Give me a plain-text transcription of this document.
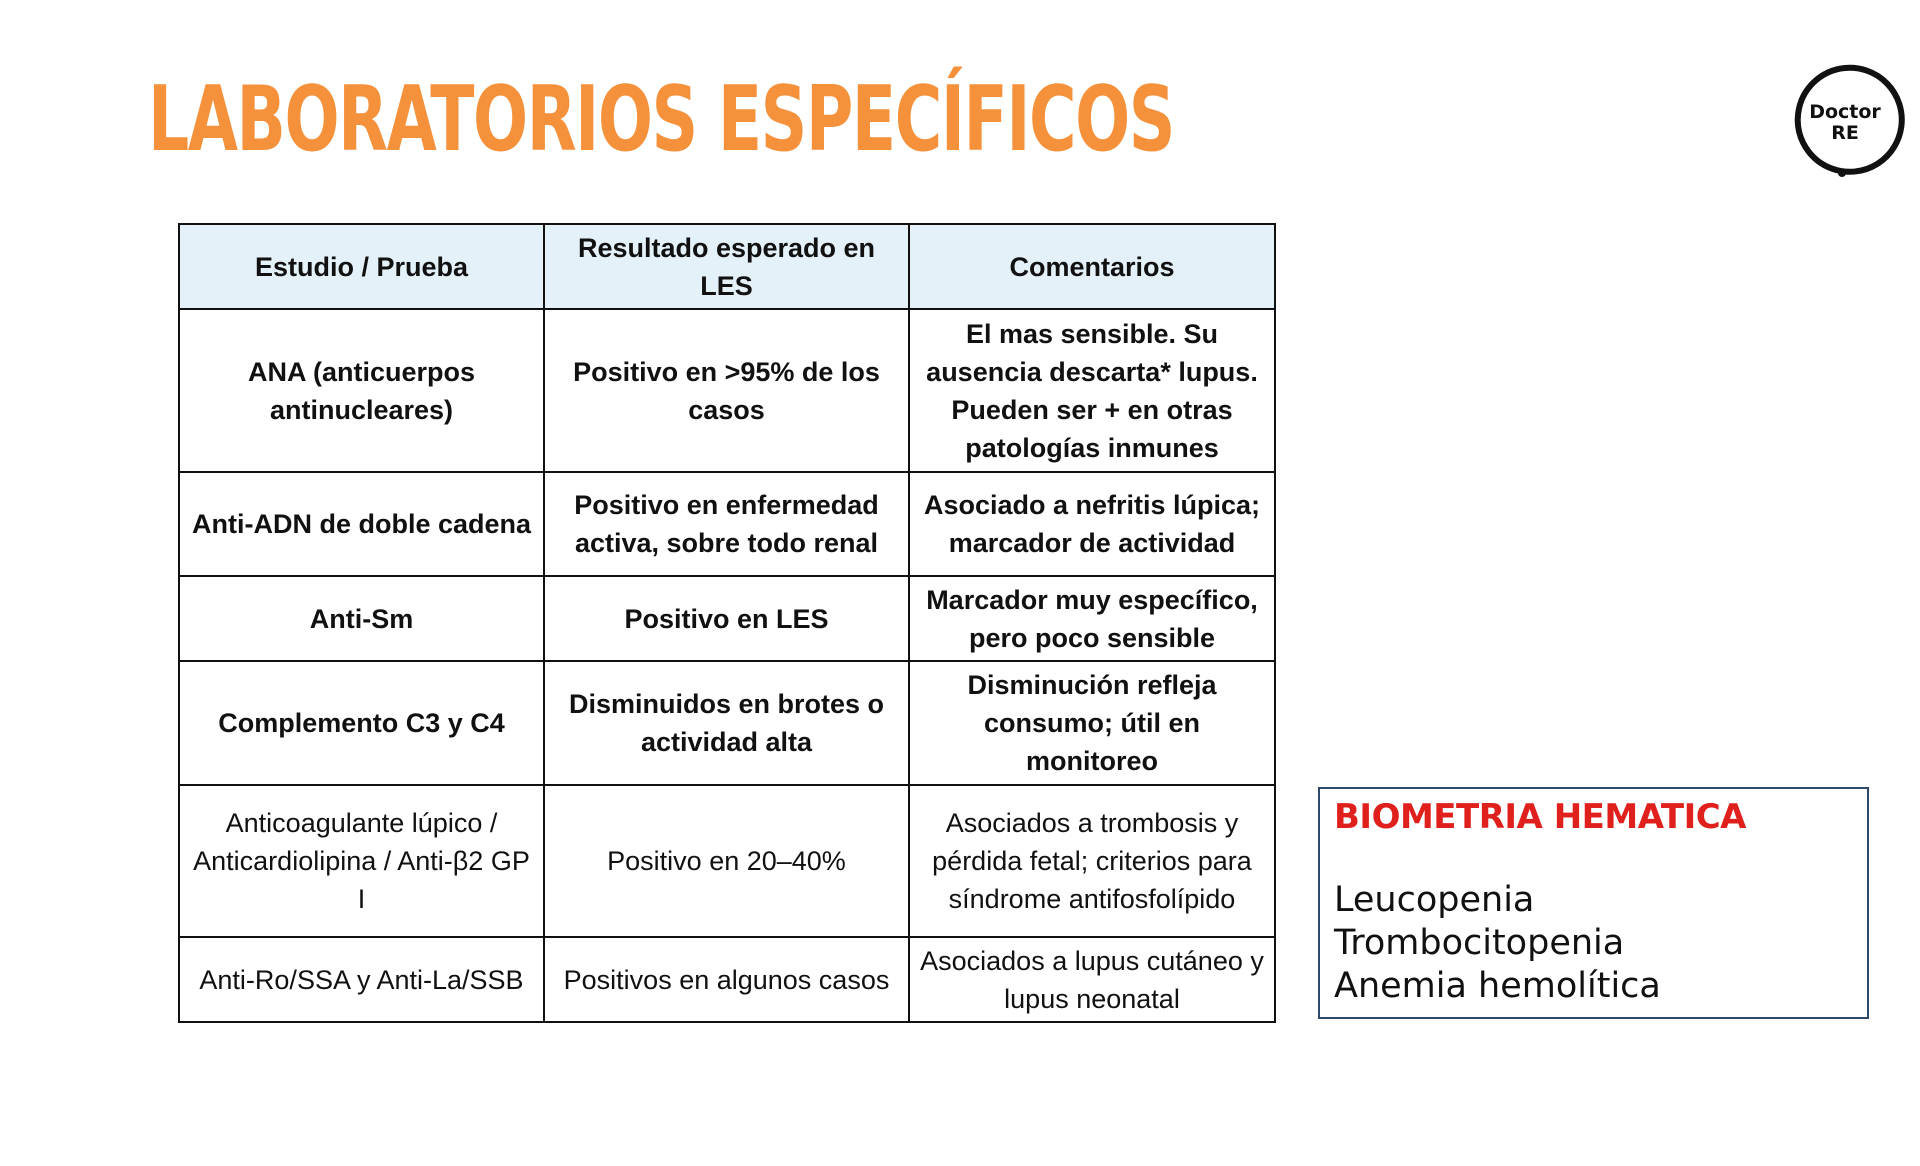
LABORATORIOS ESPECÍFICOS	Doctor
RE
Estudio / Prueba	Resultado esperado en LES	Comentarios
ANA (anticuerpos antinucleares)	Positivo en >95% de los casos	El mas sensible. Su ausencia descarta* lupus. Pueden ser + en otras patologías inmunes
Anti-ADN de doble cadena	Positivo en enfermedad activa, sobre todo renal	Asociado a nefritis lúpica; marcador de actividad
Anti-Sm	Positivo en LES	Marcador muy específico, pero poco sensible
Complemento C3 y C4	Disminuidos en brotes o actividad alta	Disminución refleja consumo; útil en monitoreo
Anticoagulante lúpico / Anticardiolipina / Anti-β2 GP I	Positivo en 20–40%	Asociados a trombosis y pérdida fetal; criterios para síndrome antifosfolípido
Anti-Ro/SSA y Anti-La/SSB	Positivos en algunos casos	Asociados a lupus cutáneo y lupus neonatal
BIOMETRIA HEMATICA
Leucopenia
Trombocitopenia
Anemia hemolítica
